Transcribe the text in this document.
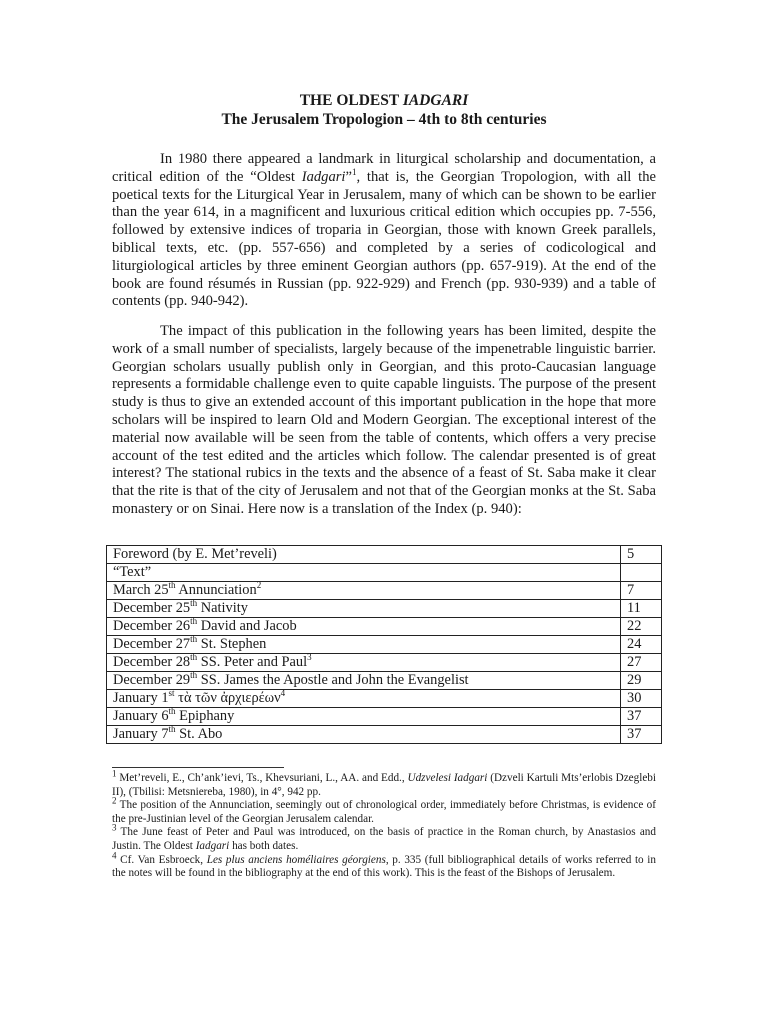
THE OLDEST IADGARI
The Jerusalem Tropologion – 4th to 8th centuries

In 1980 there appeared a landmark in liturgical scholarship and documentation, a critical edition of the “Oldest Iadgari”$^1$, that is, the Georgian Tropologion, with all the poetical texts for the Liturgical Year in Jerusalem, many of which can be shown to be earlier than the year 614, in a magnificent and luxurious critical edition which occupies pp. 7-556, followed by extensive indices of troparia in Georgian, those with known Greek parallels, biblical texts, etc. (pp. 557-656) and completed by a series of codicological and liturgiological articles by three eminent Georgian authors (pp. 657-919). At the end of the book are found résumés in Russian (pp. 922-929) and French (pp. 930-939) and a table of contents (pp. 940-942).

The impact of this publication in the following years has been limited, despite the work of a small number of specialists, largely because of the impenetrable linguistic barrier. Georgian scholars usually publish only in Georgian, and this proto-Caucasian language represents a formidable challenge even to quite capable linguists. The purpose of the present study is thus to give an extended account of this important publication in the hope that more scholars will be inspired to learn Old and Modern Georgian. The exceptional interest of the material now available will be seen from the table of contents, which offers a very precise account of the test edited and the articles which follow. The calendar presented is of great interest? The stational rubics in the texts and the absence of a feast of St. Saba make it clear that the rite is that of the city of Jerusalem and not that of the Georgian monks at the St. Saba monastery or on Sinai. Here now is a translation of the Index (p. 940):

Foreword (by E. Met’reveli)	5
“Text”	
March 25th Annunciation$^2$	7
December 25th Nativity	11
December 26th David and Jacob	22
December 27th St. Stephen	24
December 28th SS. Peter and Paul$^3$	27
December 29th SS. James the Apostle and John the Evangelist	29
January 1st τὰ τῶν ἀρχιερέων$^4$	30
January 6th Epiphany	37
January 7th St. Abo	37

$^1$ Met’reveli, E., Ch’ank’ievi, Ts., Khevsuriani, L., AA. and Edd., Udzvelesi Iadgari (Dzveli Kartuli Mts’erlobis Dzeglebi II), (Tbilisi: Metsniereba, 1980), in 4°, 942 pp.

$^2$ The position of the Annunciation, seemingly out of chronological order, immediately before Christmas, is evidence of the pre-Justinian level of the Georgian Jerusalem calendar.

$^3$ The June feast of Peter and Paul was introduced, on the basis of practice in the Roman church, by Anastasios and Justin. The Oldest Iadgari has both dates.

$^4$ Cf. Van Esbroeck, Les plus anciens homéliaires géorgiens, p. 335 (full bibliographical details of works referred to in the notes will be found in the bibliography at the end of this work). This is the feast of the Bishops of Jerusalem.
